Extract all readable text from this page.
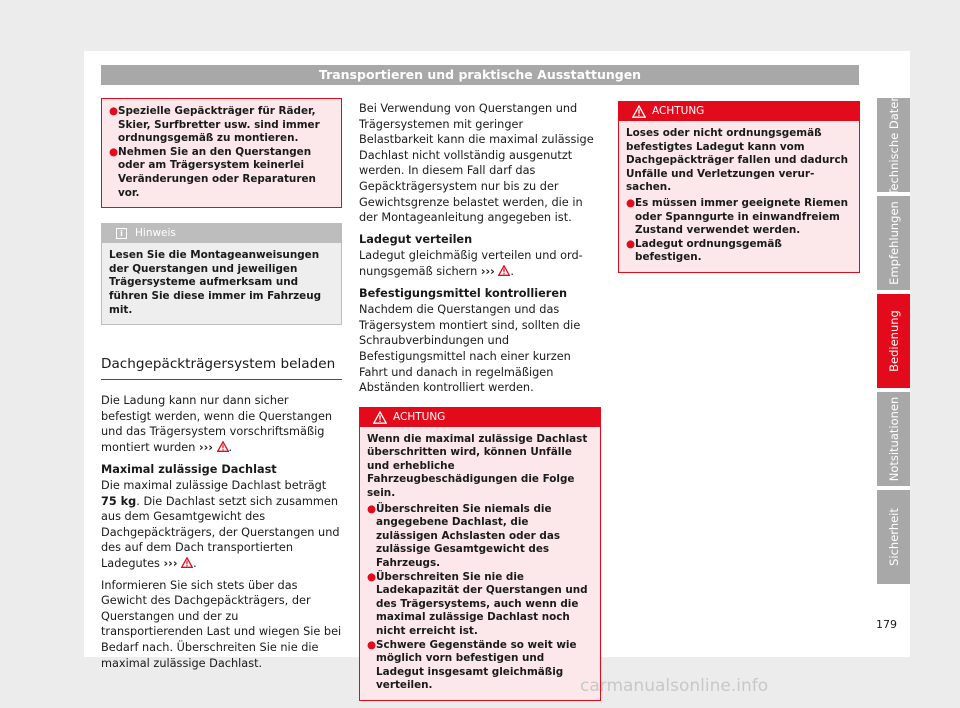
Transportieren und praktische Ausstattungen
● Spezielle Gepäckträger für Räder, Skier, Surfbretter usw. sind immer ordnungsgemäß zu montieren.
● Nehmen Sie an den Querstangen oder am Trägersystem keinerlei Veränderungen oder Reparaturen vor.
i	Hinweis
Lesen Sie die Montageanweisungen der Querstangen und jeweiligen Trägersysteme aufmerksam und führen Sie diese immer im Fahrzeug mit.
Dachgepäckträgersystem beladen

Die Ladung kann nur dann sicher befestigt werden, wenn die Querstangen und das Trägersystem vorschriftsmäßig montiert wurden ››› .

Maximal zulässige Dachlast

Die maximal zulässige Dachlast beträgt 75 kg. Die Dachlast setzt sich zusammen aus dem Gesamtgewicht des Dachgepäckträgers, der Querstangen und des auf dem Dach transportierten Ladegutes ››› .

Informieren Sie sich stets über das Gewicht des Dachgepäckträgers, der Querstangen und der zu transportierenden Last und wiegen Sie bei Bedarf nach. Überschreiten Sie nie die maximal zulässige Dachlast.

Bei Verwendung von Querstangen und Trägersystemen mit geringer Belastbarkeit kann die maximal zulässige Dachlast nicht vollständig ausgenutzt werden. In diesem Fall darf das Gepäckträgersystem nur bis zu der Gewichtsgrenze belastet werden, die in der Montageanleitung angegeben ist.

Ladegut verteilen

Ladegut gleichmäßig verteilen und ordnungsgemäß sichern ››› .

Befestigungsmittel kontrollieren

Nachdem die Querstangen und das Trägersystem montiert sind, sollten die Schraubverbindungen und Befestigungsmittel nach einer kurzen Fahrt und danach in regelmäßigen Abständen kontrolliert werden.

ACHTUNG
Wenn die maximal zulässige Dachlast überschritten wird, können Unfälle und erhebliche Fahrzeugbeschädigungen die Folge sein.
● Überschreiten Sie niemals die angegebene Dachlast, die zulässigen Achslasten oder das zulässige Gesamtgewicht des Fahrzeugs.
● Überschreiten Sie nie die Ladekapazität der Querstangen und des Trägersystems, auch wenn die maximal zulässige Dachlast noch nicht erreicht ist.
● Schwere Gegenstände so weit wie möglich vorn befestigen und Ladegut insgesamt gleichmäßig verteilen.
ACHTUNG
Loses oder nicht ordnungsgemäß befestigtes Ladegut kann vom Dachgepäckträger fallen und dadurch Unfälle und Verletzungen verursachen.
● Es müssen immer geeignete Riemen oder Spanngurte in einwandfreiem Zustand verwendet werden.
● Ladegut ordnungsgemäß befestigen.
Technische Daten
Empfehlungen
Bedienung
Notsituationen
Sicherheit
179
carmanualsonline.info
